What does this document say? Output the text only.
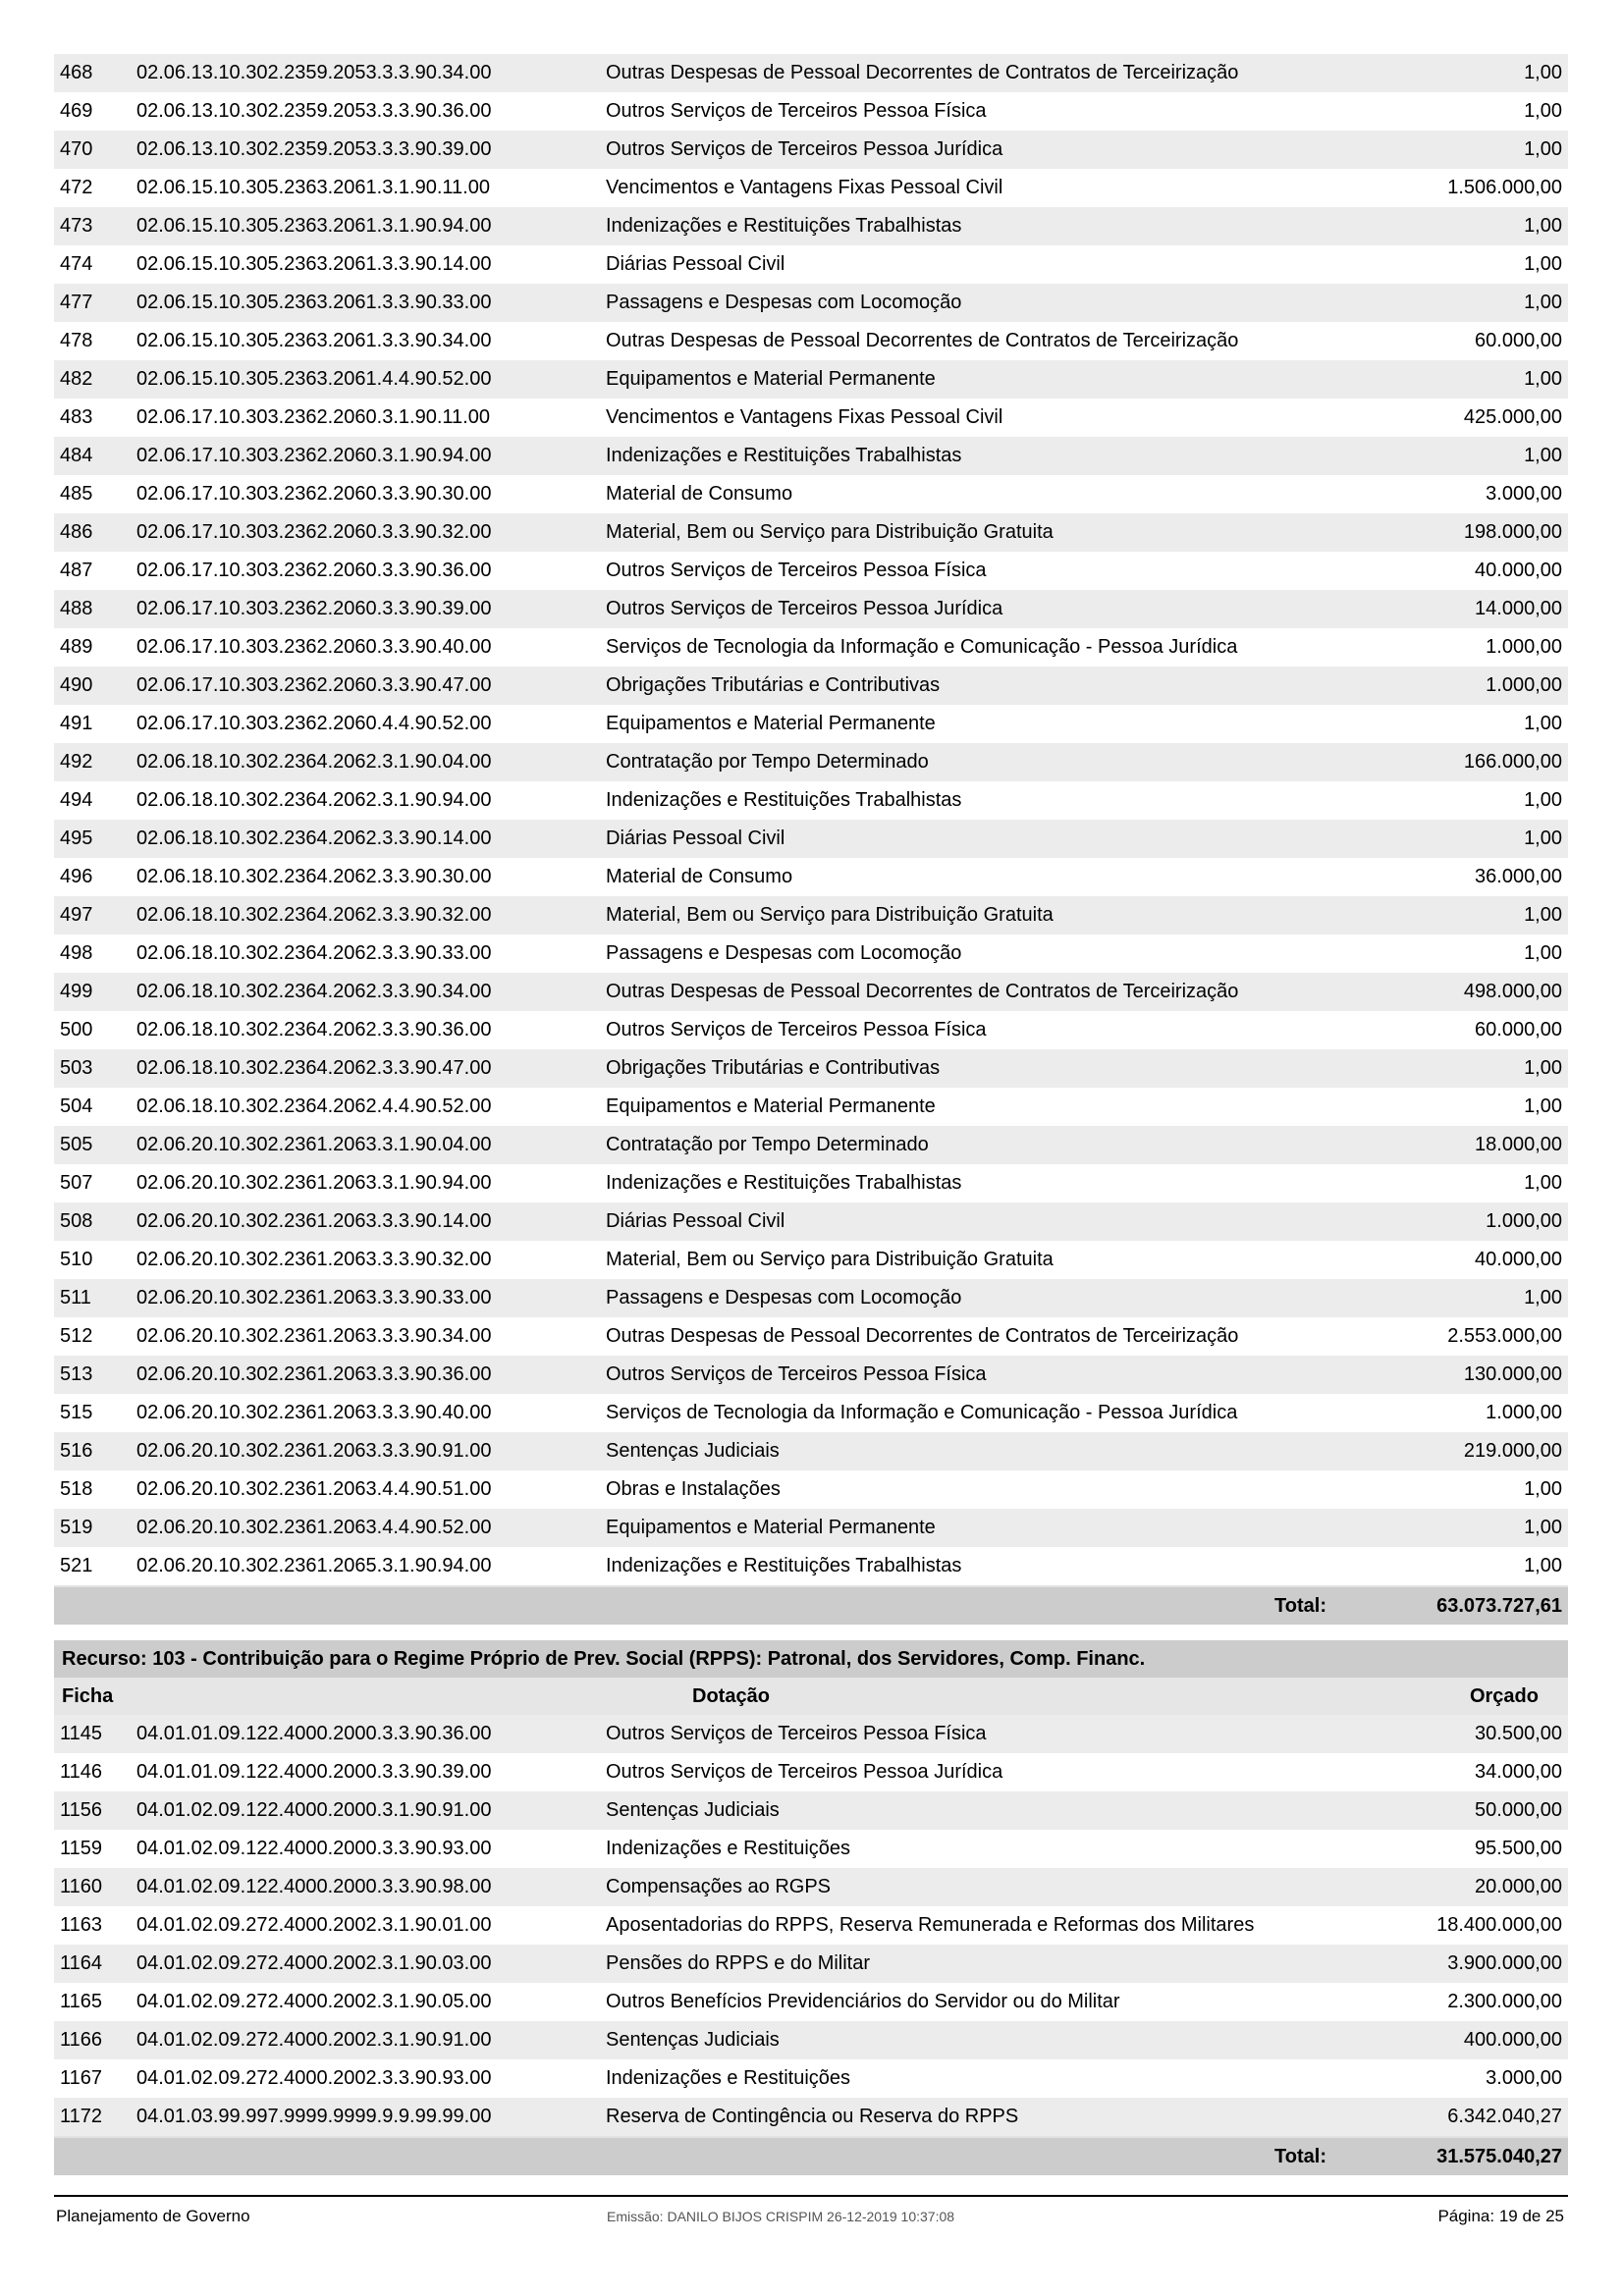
468	02.06.13.10.302.2359.2053.3.3.90.34.00	Outras Despesas de Pessoal Decorrentes de Contratos de Terceirização	1,00
469	02.06.13.10.302.2359.2053.3.3.90.36.00	Outros Serviços de Terceiros Pessoa Física	1,00
470	02.06.13.10.302.2359.2053.3.3.90.39.00	Outros Serviços de Terceiros Pessoa Jurídica	1,00
472	02.06.15.10.305.2363.2061.3.1.90.11.00	Vencimentos e Vantagens Fixas Pessoal Civil	1.506.000,00
473	02.06.15.10.305.2363.2061.3.1.90.94.00	Indenizações e Restituições Trabalhistas	1,00
474	02.06.15.10.305.2363.2061.3.3.90.14.00	Diárias Pessoal Civil	1,00
477	02.06.15.10.305.2363.2061.3.3.90.33.00	Passagens e Despesas com Locomoção	1,00
478	02.06.15.10.305.2363.2061.3.3.90.34.00	Outras Despesas de Pessoal Decorrentes de Contratos de Terceirização	60.000,00
482	02.06.15.10.305.2363.2061.4.4.90.52.00	Equipamentos e Material Permanente	1,00
483	02.06.17.10.303.2362.2060.3.1.90.11.00	Vencimentos e Vantagens Fixas Pessoal Civil	425.000,00
484	02.06.17.10.303.2362.2060.3.1.90.94.00	Indenizações e Restituições Trabalhistas	1,00
485	02.06.17.10.303.2362.2060.3.3.90.30.00	Material de Consumo	3.000,00
486	02.06.17.10.303.2362.2060.3.3.90.32.00	Material, Bem ou Serviço para Distribuição Gratuita	198.000,00
487	02.06.17.10.303.2362.2060.3.3.90.36.00	Outros Serviços de Terceiros Pessoa Física	40.000,00
488	02.06.17.10.303.2362.2060.3.3.90.39.00	Outros Serviços de Terceiros Pessoa Jurídica	14.000,00
489	02.06.17.10.303.2362.2060.3.3.90.40.00	Serviços de Tecnologia da Informação e Comunicação - Pessoa Jurídica	1.000,00
490	02.06.17.10.303.2362.2060.3.3.90.47.00	Obrigações Tributárias e Contributivas	1.000,00
491	02.06.17.10.303.2362.2060.4.4.90.52.00	Equipamentos e Material Permanente	1,00
492	02.06.18.10.302.2364.2062.3.1.90.04.00	Contratação por Tempo Determinado	166.000,00
494	02.06.18.10.302.2364.2062.3.1.90.94.00	Indenizações e Restituições Trabalhistas	1,00
495	02.06.18.10.302.2364.2062.3.3.90.14.00	Diárias Pessoal Civil	1,00
496	02.06.18.10.302.2364.2062.3.3.90.30.00	Material de Consumo	36.000,00
497	02.06.18.10.302.2364.2062.3.3.90.32.00	Material, Bem ou Serviço para Distribuição Gratuita	1,00
498	02.06.18.10.302.2364.2062.3.3.90.33.00	Passagens e Despesas com Locomoção	1,00
499	02.06.18.10.302.2364.2062.3.3.90.34.00	Outras Despesas de Pessoal Decorrentes de Contratos de Terceirização	498.000,00
500	02.06.18.10.302.2364.2062.3.3.90.36.00	Outros Serviços de Terceiros Pessoa Física	60.000,00
503	02.06.18.10.302.2364.2062.3.3.90.47.00	Obrigações Tributárias e Contributivas	1,00
504	02.06.18.10.302.2364.2062.4.4.90.52.00	Equipamentos e Material Permanente	1,00
505	02.06.20.10.302.2361.2063.3.1.90.04.00	Contratação por Tempo Determinado	18.000,00
507	02.06.20.10.302.2361.2063.3.1.90.94.00	Indenizações e Restituições Trabalhistas	1,00
508	02.06.20.10.302.2361.2063.3.3.90.14.00	Diárias Pessoal Civil	1.000,00
510	02.06.20.10.302.2361.2063.3.3.90.32.00	Material, Bem ou Serviço para Distribuição Gratuita	40.000,00
511	02.06.20.10.302.2361.2063.3.3.90.33.00	Passagens e Despesas com Locomoção	1,00
512	02.06.20.10.302.2361.2063.3.3.90.34.00	Outras Despesas de Pessoal Decorrentes de Contratos de Terceirização	2.553.000,00
513	02.06.20.10.302.2361.2063.3.3.90.36.00	Outros Serviços de Terceiros Pessoa Física	130.000,00
515	02.06.20.10.302.2361.2063.3.3.90.40.00	Serviços de Tecnologia da Informação e Comunicação - Pessoa Jurídica	1.000,00
516	02.06.20.10.302.2361.2063.3.3.90.91.00	Sentenças Judiciais	219.000,00
518	02.06.20.10.302.2361.2063.4.4.90.51.00	Obras e Instalações	1,00
519	02.06.20.10.302.2361.2063.4.4.90.52.00	Equipamentos e Material Permanente	1,00
521	02.06.20.10.302.2361.2065.3.1.90.94.00	Indenizações e Restituições Trabalhistas	1,00
Total:	63.073.727,61
Recurso: 103 - Contribuição para o Regime Próprio de Prev. Social (RPPS): Patronal, dos Servidores, Comp. Financ.
Ficha	Dotação	Orçado
1145	04.01.01.09.122.4000.2000.3.3.90.36.00	Outros Serviços de Terceiros Pessoa Física	30.500,00
1146	04.01.01.09.122.4000.2000.3.3.90.39.00	Outros Serviços de Terceiros Pessoa Jurídica	34.000,00
1156	04.01.02.09.122.4000.2000.3.1.90.91.00	Sentenças Judiciais	50.000,00
1159	04.01.02.09.122.4000.2000.3.3.90.93.00	Indenizações e Restituições	95.500,00
1160	04.01.02.09.122.4000.2000.3.3.90.98.00	Compensações ao RGPS	20.000,00
1163	04.01.02.09.272.4000.2002.3.1.90.01.00	Aposentadorias do RPPS, Reserva Remunerada e Reformas dos Militares	18.400.000,00
1164	04.01.02.09.272.4000.2002.3.1.90.03.00	Pensões do RPPS e do Militar	3.900.000,00
1165	04.01.02.09.272.4000.2002.3.1.90.05.00	Outros Benefícios Previdenciários do Servidor ou do Militar	2.300.000,00
1166	04.01.02.09.272.4000.2002.3.1.90.91.00	Sentenças Judiciais	400.000,00
1167	04.01.02.09.272.4000.2002.3.3.90.93.00	Indenizações e Restituições	3.000,00
1172	04.01.03.99.997.9999.9999.9.9.99.99.00	Reserva de Contingência ou Reserva do RPPS	6.342.040,27
Total:	31.575.040,27
Planejamento de Governo	Emissão: DANILO BIJOS CRISPIM 26-12-2019 10:37:08	Página: 19 de 25
